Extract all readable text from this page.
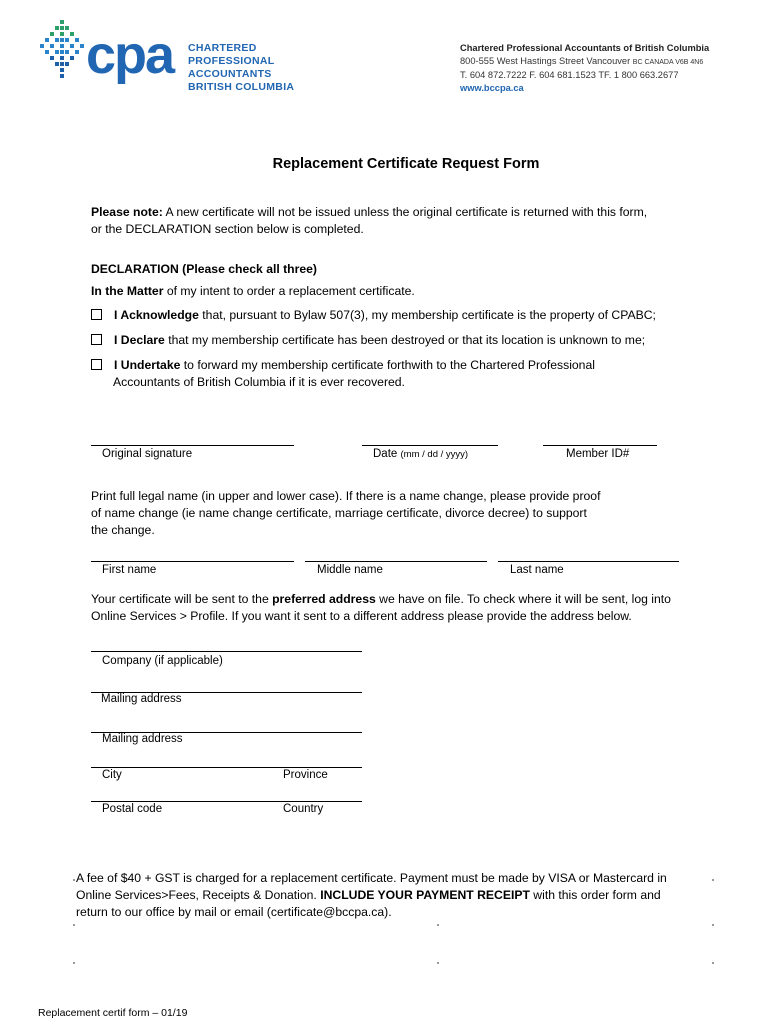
cpa CHARTERED
PROFESSIONAL
ACCOUNTANTS
BRITISH COLUMBIA
Chartered Professional Accountants of British Columbia
800-555 West Hastings Street Vancouver BC CANADA V6B 4N6
T. 604 872.7222 F. 604 681.1523 TF. 1 800 663.2677
www.bccpa.ca
Replacement Certificate Request Form
Please note: A new certificate will not be issued unless the original certificate is returned with this form,
or the DECLARATION section below is completed.
DECLARATION (Please check all three)
In the Matter of my intent to order a replacement certificate.
I Acknowledge that, pursuant to Bylaw 507(3), my membership certificate is the property of CPABC;
I Declare that my membership certificate has been destroyed or that its location is unknown to me;
I Undertake to forward my membership certificate forthwith to the Chartered Professional
Accountants of British Columbia if it is ever recovered.
Original signature	Date (mm / dd / yyyy)	Member ID#
Print full legal name (in upper and lower case). If there is a name change, please provide proof
of name change (ie name change certificate, marriage certificate, divorce decree) to support
the change.
First name	Middle name	Last name
Your certificate will be sent to the preferred address we have on file. To check where it will be sent, log into
Online Services > Profile. If you want it sent to a different address please provide the address below.
Company (if applicable)
Mailing address
Mailing address
City	Province
Postal code	Country
A fee of $40 + GST is charged for a replacement certificate. Payment must be made by VISA or Mastercard in
Online Services>Fees, Receipts & Donation. INCLUDE YOUR PAYMENT RECEIPT with this order form and
return to our office by mail or email (certificate@bccpa.ca).
Replacement certif form – 01/19
